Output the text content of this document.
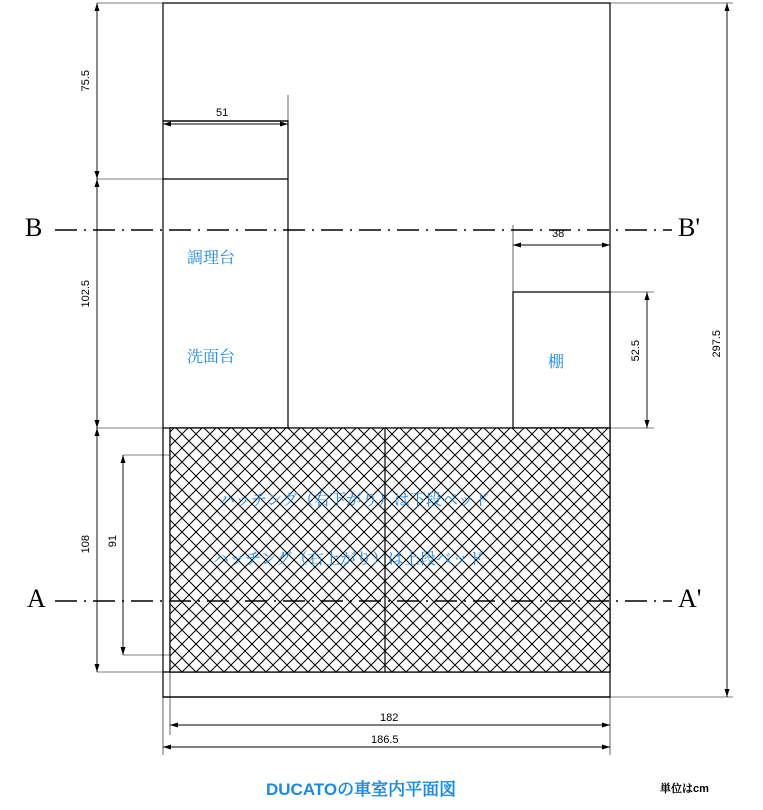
75.5
102.5
108 91
51
38
52.5	297.5
182
186.5
B	B'
A	A'
調理台
洗面台	棚
ハッチング（右下がり）は下段ベッド
ハッチング（右上がり）は上段ベッド
DUCATOの車室内平面図	単位はcm
